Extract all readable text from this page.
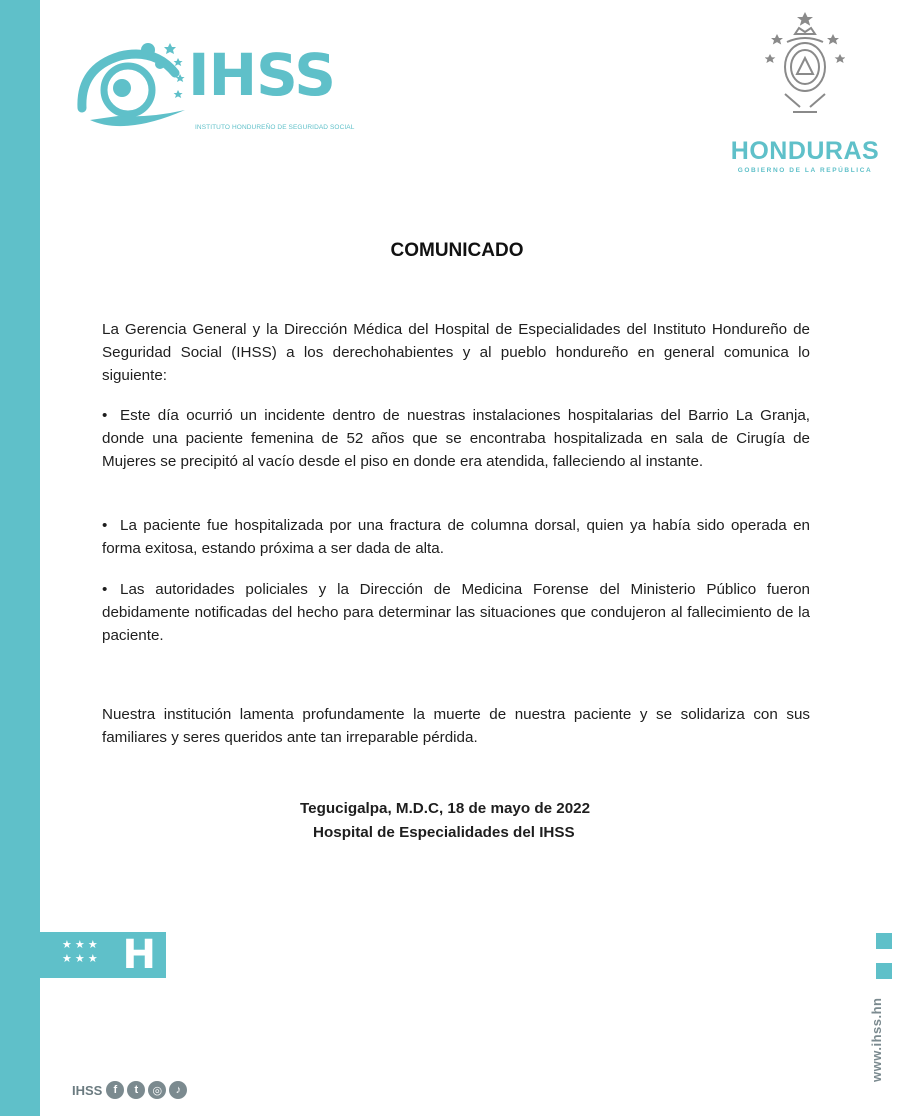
IHSS
INSTITUTO HONDUREÑO DE SEGURIDAD SOCIAL
HONDURAS
GOBIERNO DE LA REPÚBLICA
COMUNICADO
La Gerencia General y la Dirección Médica del Hospital de Especialidades del Instituto Hondureño de Seguridad Social (IHSS) a los derechohabientes y al pueblo hondureño en general comunica lo siguiente:
• Este día ocurrió un incidente dentro de nuestras instalaciones hospitalarias del Barrio La Granja, donde una paciente femenina de 52 años que se encontraba hospitalizada en sala de Cirugía de Mujeres se precipitó al vacío desde el piso en donde era atendida, falleciendo al instante.
• La paciente fue hospitalizada por una fractura de columna dorsal, quien ya había sido operada en forma exitosa, estando próxima a ser dada de alta.
• Las autoridades policiales y la Dirección de Medicina Forense del Ministerio Público fueron debidamente notificadas del hecho para determinar las situaciones que condujeron al fallecimiento de la paciente.
Nuestra institución lamenta profundamente la muerte de nuestra paciente y se solidariza con sus familiares y seres queridos ante tan irreparable pérdida.
Tegucigalpa, M.D.C, 18 de mayo de 2022
Hospital de Especialidades del IHSS
★ ★ ★
★ ★ ★ H
IHSS	f	t	◎	♪
www.ihss.hn
